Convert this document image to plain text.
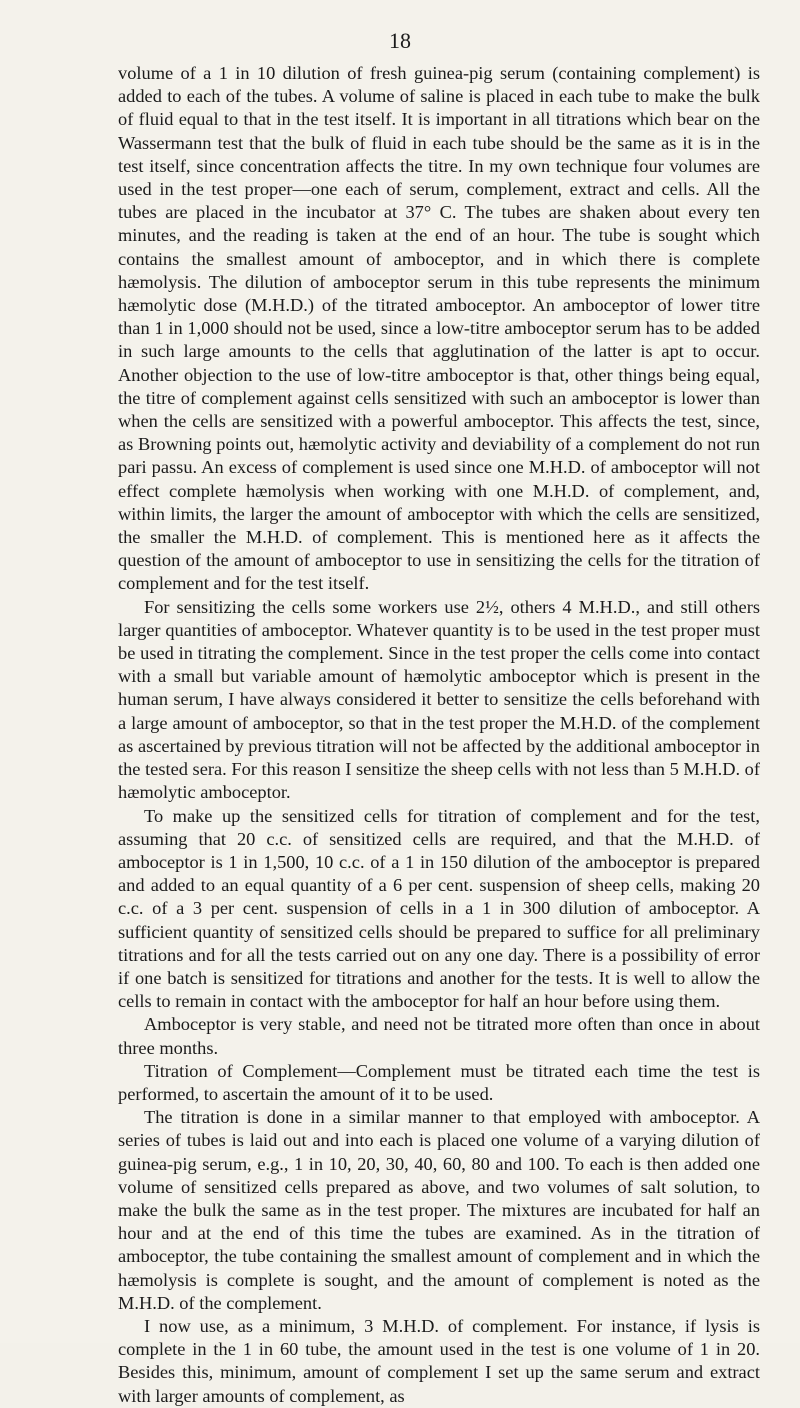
18

volume of a 1 in 10 dilution of fresh guinea-pig serum (containing complement) is added to each of the tubes. A volume of saline is placed in each tube to make the bulk of fluid equal to that in the test itself. It is important in all titrations which bear on the Wassermann test that the bulk of fluid in each tube should be the same as it is in the test itself, since concentration affects the titre. In my own technique four volumes are used in the test proper—one each of serum, complement, extract and cells. All the tubes are placed in the incubator at 37° C. The tubes are shaken about every ten minutes, and the reading is taken at the end of an hour. The tube is sought which contains the smallest amount of amboceptor, and in which there is complete hæmolysis. The dilution of amboceptor serum in this tube represents the minimum hæmolytic dose (M.H.D.) of the titrated amboceptor. An amboceptor of lower titre than 1 in 1,000 should not be used, since a low-titre amboceptor serum has to be added in such large amounts to the cells that agglutination of the latter is apt to occur. Another objection to the use of low-titre amboceptor is that, other things being equal, the titre of complement against cells sensitized with such an amboceptor is lower than when the cells are sensitized with a powerful amboceptor. This affects the test, since, as Browning points out, hæmolytic activity and deviability of a complement do not run pari passu. An excess of complement is used since one M.H.D. of amboceptor will not effect complete hæmolysis when working with one M.H.D. of complement, and, within limits, the larger the amount of amboceptor with which the cells are sensitized, the smaller the M.H.D. of complement. This is mentioned here as it affects the question of the amount of amboceptor to use in sensitizing the cells for the titration of complement and for the test itself.

For sensitizing the cells some workers use 2½, others 4 M.H.D., and still others larger quantities of amboceptor. Whatever quantity is to be used in the test proper must be used in titrating the complement. Since in the test proper the cells come into contact with a small but variable amount of hæmolytic amboceptor which is present in the human serum, I have always considered it better to sensitize the cells beforehand with a large amount of amboceptor, so that in the test proper the M.H.D. of the complement as ascertained by previous titration will not be affected by the additional amboceptor in the tested sera. For this reason I sensitize the sheep cells with not less than 5 M.H.D. of hæmolytic amboceptor.

To make up the sensitized cells for titration of complement and for the test, assuming that 20 c.c. of sensitized cells are required, and that the M.H.D. of amboceptor is 1 in 1,500, 10 c.c. of a 1 in 150 dilution of the amboceptor is prepared and added to an equal quantity of a 6 per cent. suspension of sheep cells, making 20 c.c. of a 3 per cent. suspension of cells in a 1 in 300 dilution of amboceptor. A sufficient quantity of sensitized cells should be prepared to suffice for all preliminary titrations and for all the tests carried out on any one day. There is a possibility of error if one batch is sensitized for titrations and another for the tests. It is well to allow the cells to remain in contact with the amboceptor for half an hour before using them.

Amboceptor is very stable, and need not be titrated more often than once in about three months.

Titration of Complement—Complement must be titrated each time the test is performed, to ascertain the amount of it to be used.

The titration is done in a similar manner to that employed with amboceptor. A series of tubes is laid out and into each is placed one volume of a varying dilution of guinea-pig serum, e.g., 1 in 10, 20, 30, 40, 60, 80 and 100. To each is then added one volume of sensitized cells prepared as above, and two volumes of salt solution, to make the bulk the same as in the test proper. The mixtures are incubated for half an hour and at the end of this time the tubes are examined. As in the titration of amboceptor, the tube containing the smallest amount of complement and in which the hæmolysis is complete is sought, and the amount of complement is noted as the M.H.D. of the complement.

I now use, as a minimum, 3 M.H.D. of complement. For instance, if lysis is complete in the 1 in 60 tube, the amount used in the test is one volume of 1 in 20. Besides this, minimum, amount of complement I set up the same serum and extract with larger amounts of complement, as
